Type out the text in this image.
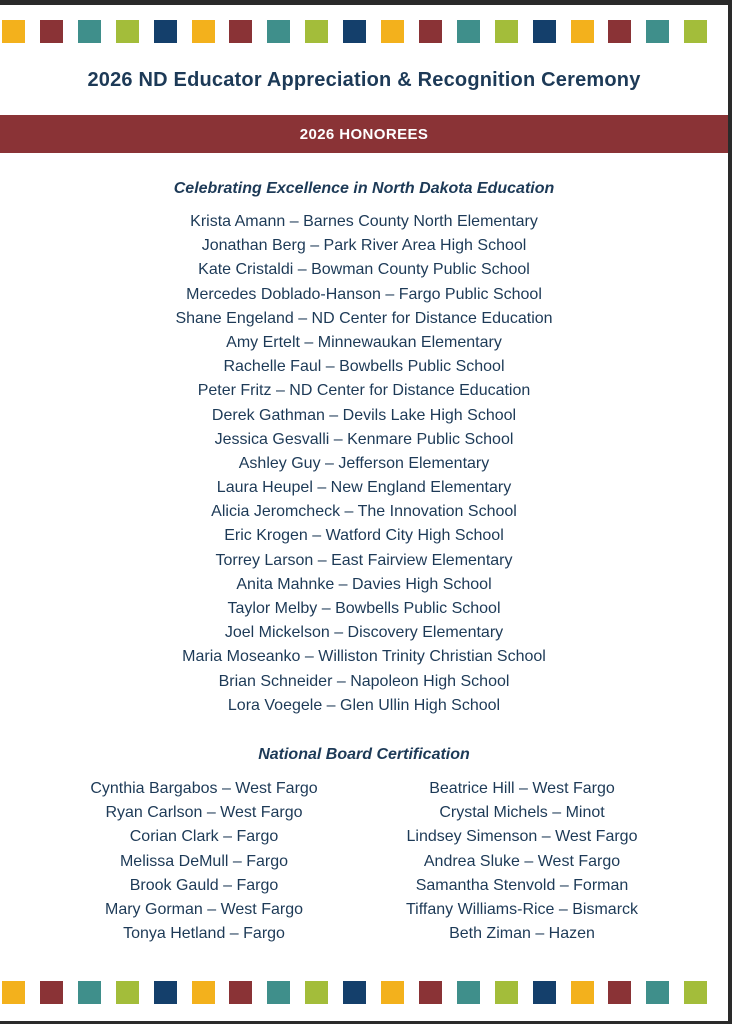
2026 ND Educator Appreciation & Recognition Ceremony
2026 HONOREES
Celebrating Excellence in North Dakota Education
Krista Amann – Barnes County North Elementary
Jonathan Berg – Park River Area High School
Kate Cristaldi – Bowman County Public School
Mercedes Doblado-Hanson – Fargo Public School
Shane Engeland – ND Center for Distance Education
Amy Ertelt – Minnewaukan Elementary
Rachelle Faul – Bowbells Public School
Peter Fritz – ND Center for Distance Education
Derek Gathman – Devils Lake High School
Jessica Gesvalli – Kenmare Public School
Ashley Guy – Jefferson Elementary
Laura Heupel – New England Elementary
Alicia Jeromcheck – The Innovation School
Eric Krogen – Watford City High School
Torrey Larson – East Fairview Elementary
Anita Mahnke – Davies High School
Taylor Melby – Bowbells Public School
Joel Mickelson – Discovery Elementary
Maria Moseanko – Williston Trinity Christian School
Brian Schneider – Napoleon High School
Lora Voegele – Glen Ullin High School
National Board Certification
Cynthia Bargabos – West Fargo
Ryan Carlson – West Fargo
Corian Clark – Fargo
Melissa DeMull – Fargo
Brook Gauld – Fargo
Mary Gorman – West Fargo
Tonya Hetland – Fargo
Beatrice Hill – West Fargo
Crystal Michels – Minot
Lindsey Simenson – West Fargo
Andrea Sluke – West Fargo
Samantha Stenvold – Forman
Tiffany Williams-Rice – Bismarck
Beth Ziman – Hazen
